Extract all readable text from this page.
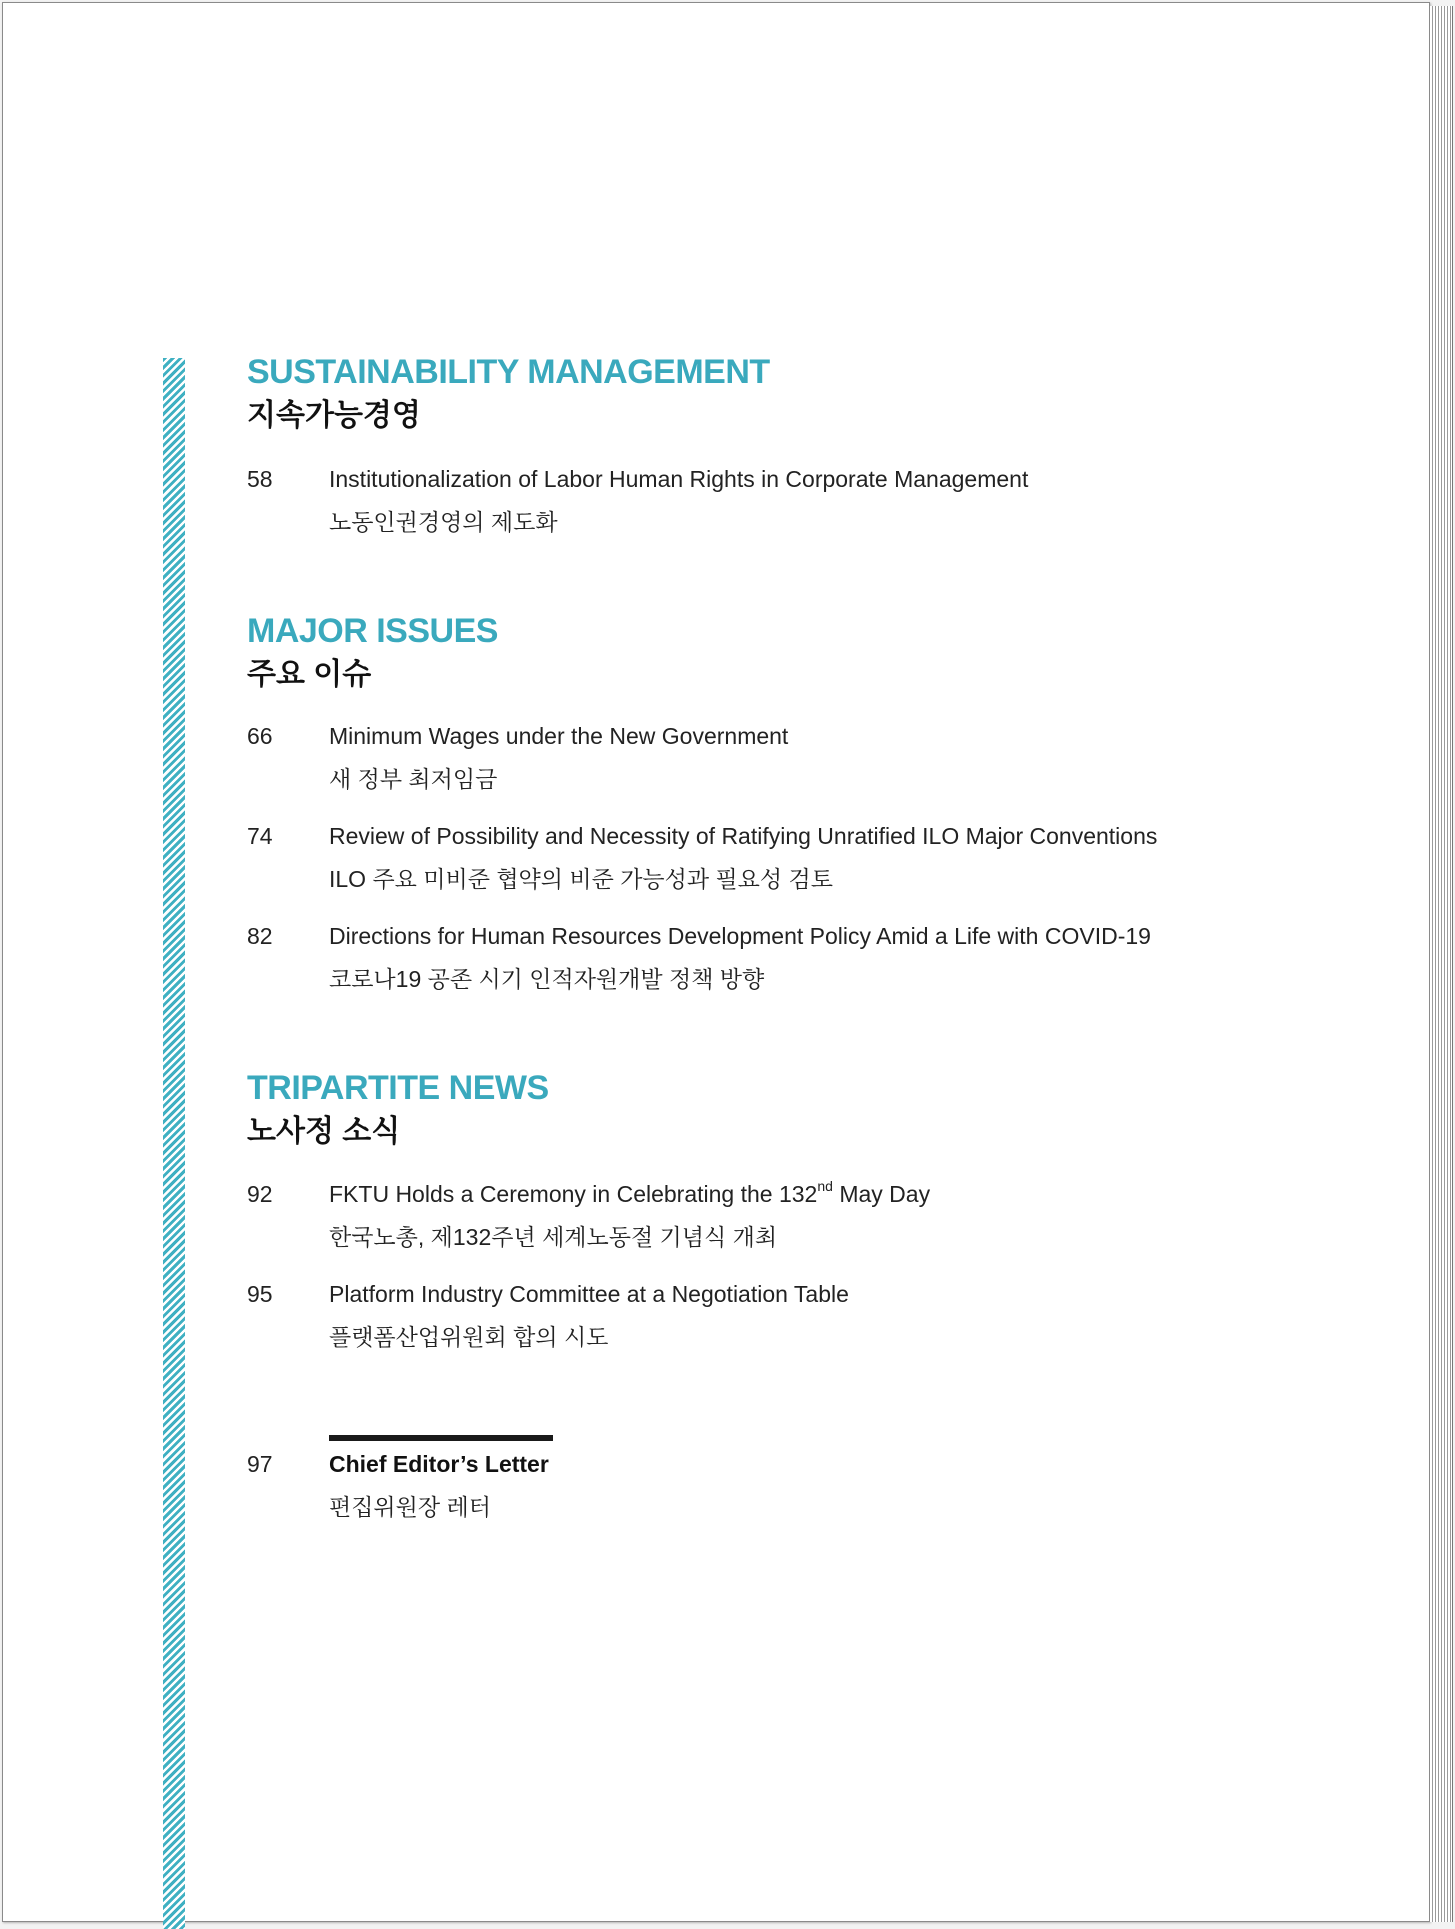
SUSTAINABILITY MANAGEMENT
지속가능경영
58 Institutionalization of Labor Human Rights in Corporate Management
노동인권경영의 제도화
MAJOR ISSUES
주요 이슈
66 Minimum Wages under the New Government
새 정부 최저임금
74 Review of Possibility and Necessity of Ratifying Unratified ILO Major Conventions
ILO 주요 미비준 협약의 비준 가능성과 필요성 검토
82 Directions for Human Resources Development Policy Amid a Life with COVID-19
코로나19 공존 시기 인적자원개발 정책 방향
TRIPARTITE NEWS
노사정 소식
92 FKTU Holds a Ceremony in Celebrating the 132nd May Day
한국노총, 제132주년 세계노동절 기념식 개최
95 Platform Industry Committee at a Negotiation Table
플랫폼산업위원회 합의 시도
97 Chief Editor’s Letter
편집위원장 레터
